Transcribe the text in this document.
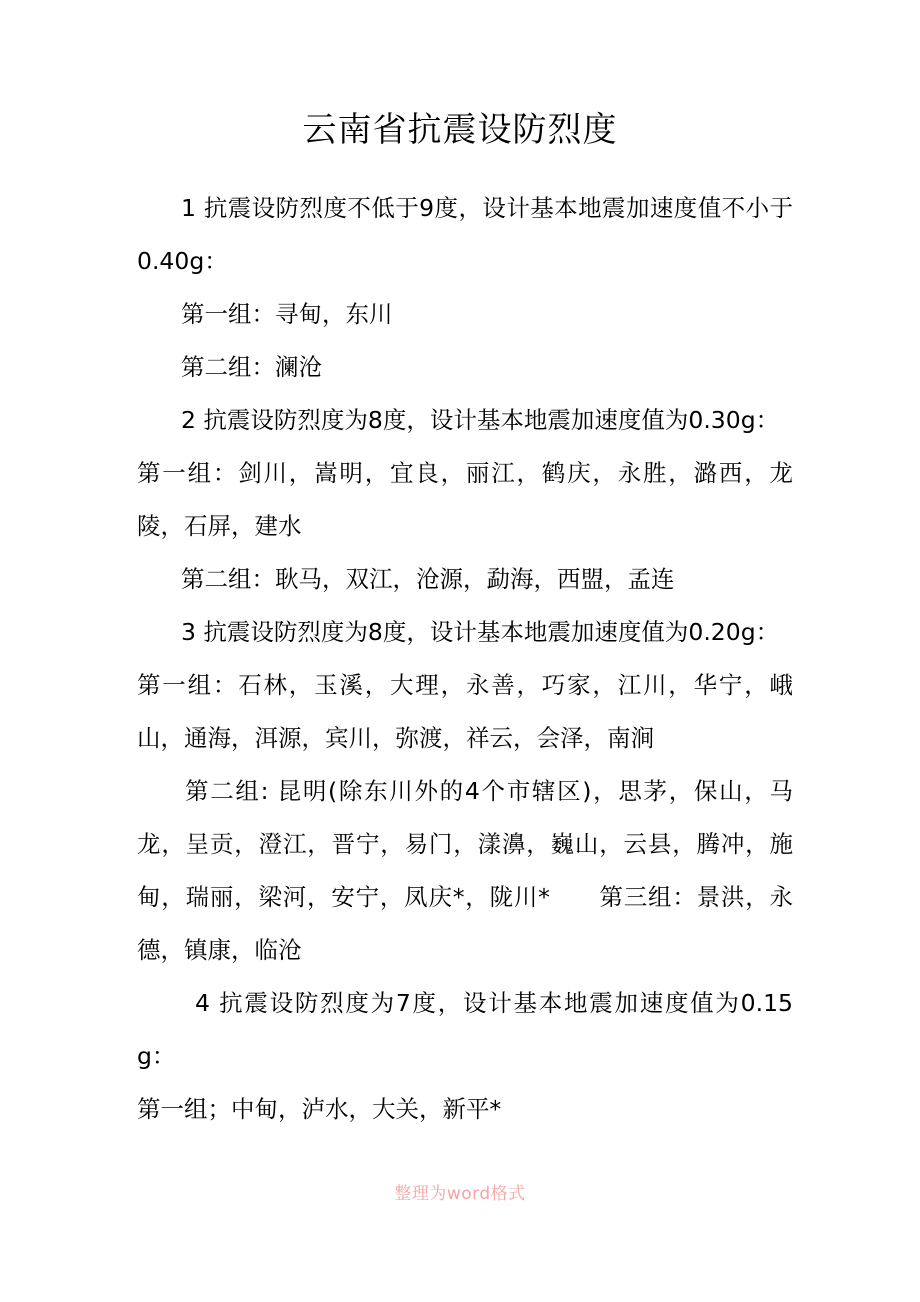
云南省抗震设防烈度

1 抗震设防烈度不低于9度，设计基本地震加速度值不小于0.40g：

第一组：寻甸，东川

第二组：澜沧

2 抗震设防烈度为8度，设计基本地震加速度值为0.30g：

第一组：剑川，嵩明，宜良，丽江，鹤庆，永胜，潞西，龙陵，石屏，建水

第二组：耿马，双江，沧源，勐海，西盟，孟连

3 抗震设防烈度为8度，设计基本地震加速度值为0.20g：

第一组：石林，玉溪，大理，永善，巧家，江川，华宁，峨山，通海，洱源，宾川，弥渡，祥云，会泽，南涧

第二组: 昆明(除东川外的4个市辖区)，思茅，保山，马龙，呈贡，澄江，晋宁，易门，漾濞，巍山，云县，腾冲，施甸，瑞丽，梁河，安宁，凤庆*，陇川*      第三组：景洪，永德，镇康，临沧

4 抗震设防烈度为7度，设计基本地震加速度值为0.15g：

第一组；中甸，泸水，大关，新平*

整理为word格式
